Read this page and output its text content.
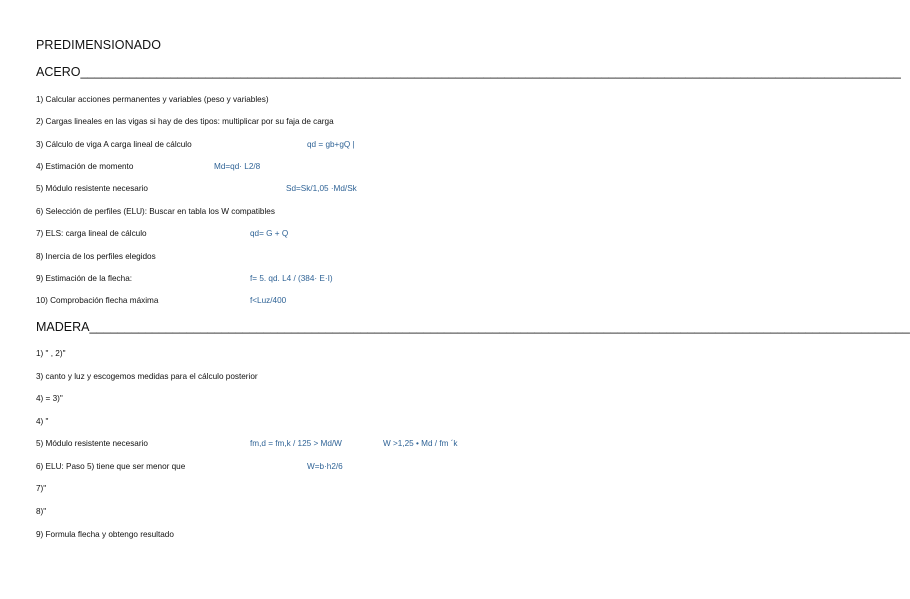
PREDIMENSIONADO
ACERO______________________________________________________________________________________________________________________
1) Calcular acciones permanentes y variables (peso y variables)
2) Cargas lineales en las vigas si hay de des tipos: multiplicar por su faja de carga
3) Cálculo de viga A carga lineal de cálculo	qd = gb+gQ |
4) Estimación de momento	Md=qd· L2/8
5) Módulo resistente necesario	Sd=Sk/1,05 ·Md/Sk
6) Selección de perfiles (ELU): Buscar en tabla los W compatibles
7) ELS: carga lineal de cálculo	qd= G + Q
8) Inercia de los perfiles elegidos
9) Estimación de la flecha:	f= 5. qd. L4 / (384· E·I)
10) Comprobación flecha máxima	f<Luz/400
MADERA______________________________________________________________________________________________________________________
1) " , 2)"
3) canto y luz y escogemos medidas para el cálculo posterior
4) = 3)"
4) "
5) Módulo resistente necesario	fm,d = fm,k / 125 > Md/W	W >1,25 • Md / fm ´k
6) ELU: Paso 5) tiene que ser menor que	W=b·h2/6
7)"
8)"
9) Formula flecha y obtengo resultado
